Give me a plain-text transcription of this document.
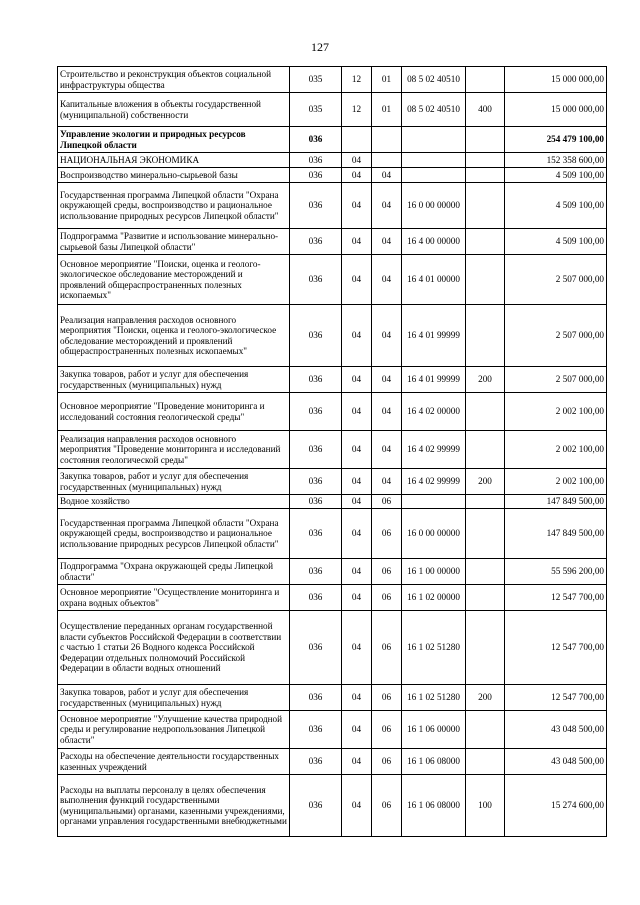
127
Строительство и реконструкция объектов социальной инфраструктуры общества	035	12	01	08 5 02 40510		15 000 000,00
Капитальные вложения в объекты государственной (муниципальной) собственности	035	12	01	08 5 02 40510	400	15 000 000,00
Управление экологии и природных ресурсов Липецкой области	036					254 479 100,00
НАЦИОНАЛЬНАЯ ЭКОНОМИКА	036	04				152 358 600,00
Воспроизводство минерально-сырьевой базы	036	04	04			4 509 100,00
Государственная программа Липецкой области "Охрана окружающей среды, воспроизводство и рациональное использование природных ресурсов Липецкой области"	036	04	04	16 0 00 00000		4 509 100,00
Подпрограмма "Развитие и использование минерально-сырьевой базы Липецкой области"	036	04	04	16 4 00 00000		4 509 100,00
Основное мероприятие "Поиски, оценка и геолого-экологическое обследование месторождений и проявлений общераспространенных полезных ископаемых"	036	04	04	16 4 01 00000		2 507 000,00
Реализация направления расходов основного мероприятия "Поиски, оценка и геолого-экологическое обследование месторождений и проявлений общераспространенных полезных ископаемых"	036	04	04	16 4 01 99999		2 507 000,00
Закупка товаров, работ и услуг для обеспечения государственных (муниципальных) нужд	036	04	04	16 4 01 99999	200	2 507 000,00
Основное мероприятие "Проведение мониторинга и исследований состояния геологической среды"	036	04	04	16 4 02 00000		2 002 100,00
Реализация направления расходов основного мероприятия "Проведение мониторинга и исследований состояния геологической среды"	036	04	04	16 4 02 99999		2 002 100,00
Закупка товаров, работ и услуг для обеспечения государственных (муниципальных) нужд	036	04	04	16 4 02 99999	200	2 002 100,00
Водное хозяйство	036	04	06			147 849 500,00
Государственная программа Липецкой области "Охрана окружающей среды, воспроизводство и рациональное использование природных ресурсов Липецкой области"	036	04	06	16 0 00 00000		147 849 500,00
Подпрограмма "Охрана окружающей среды Липецкой области"	036	04	06	16 1 00 00000		55 596 200,00
Основное мероприятие "Осуществление мониторинга и охрана водных объектов"	036	04	06	16 1 02 00000		12 547 700,00
Осуществление переданных органам государственной власти субъектов Российской Федерации в соответствии с частью 1 статьи 26 Водного кодекса Российской Федерации отдельных полномочий Российской Федерации в области водных отношений	036	04	06	16 1 02 51280		12 547 700,00
Закупка товаров, работ и услуг для обеспечения государственных (муниципальных) нужд	036	04	06	16 1 02 51280	200	12 547 700,00
Основное мероприятие "Улучшение качества природной среды и регулирование недропользования Липецкой области"	036	04	06	16 1 06 00000		43 048 500,00
Расходы на обеспечение деятельности государственных казенных учреждений	036	04	06	16 1 06 08000		43 048 500,00
Расходы на выплаты персоналу в целях обеспечения выполнения функций государственными (муниципальными) органами, казенными учреждениями, органами управления государственными внебюджетными	036	04	06	16 1 06 08000	100	15 274 600,00
